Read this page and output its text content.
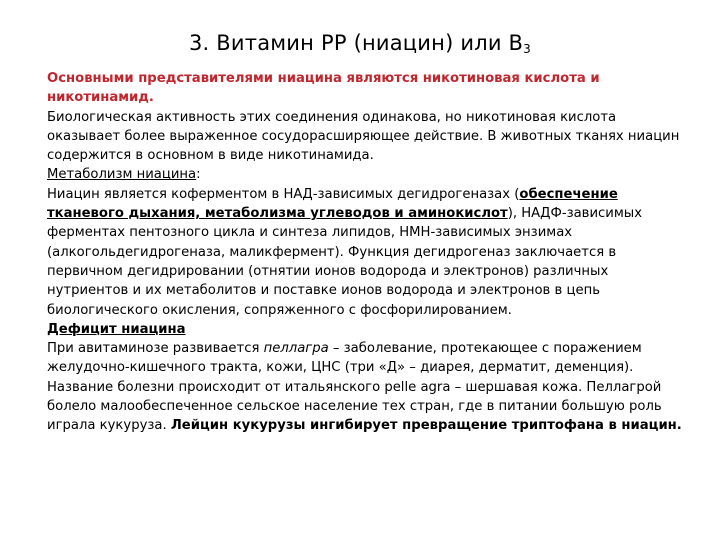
3. Витамин РР (ниацин) или $В_3$

Основными представителями ниацина являются никотиновая кислота и никотинамид.

Биологическая активность этих соединения одинакова, но никотиновая кислота оказывает более выраженное сосудорасширяющее действие. В животных тканях ниацин содержится в основном в виде никотинамида.

Метаболизм ниацина:

Ниацин является коферментом в НАД-зависимых дегидрогеназах (обеспечение тканевого дыхания, метаболизма углеводов и аминокислот), НАДФ-зависимых ферментах пентозного цикла и синтеза липидов, НМН-зависимых энзимах (алкогольдегидрогеназа, маликфермент). Функция дегидрогеназ заключается в первичном дегидрировании (отнятии ионов водорода и электронов) различных нутриентов и их метаболитов и поставке ионов водорода и электронов в цепь биологического окисления, сопряженного с фосфорилированием.

Дефицит ниацина

При авитаминозе развивается пеллагра – заболевание, протекающее с поражением желудочно-кишечного тракта, кожи, ЦНС (три «Д» – диарея, дерматит, деменция). Название болезни происходит от итальянского pelle agra – шершавая кожа. Пеллагрой болело малообеспеченное сельское население тех стран, где в питании большую роль играла кукуруза. Лейцин кукурузы ингибирует превращение триптофана в ниацин.
